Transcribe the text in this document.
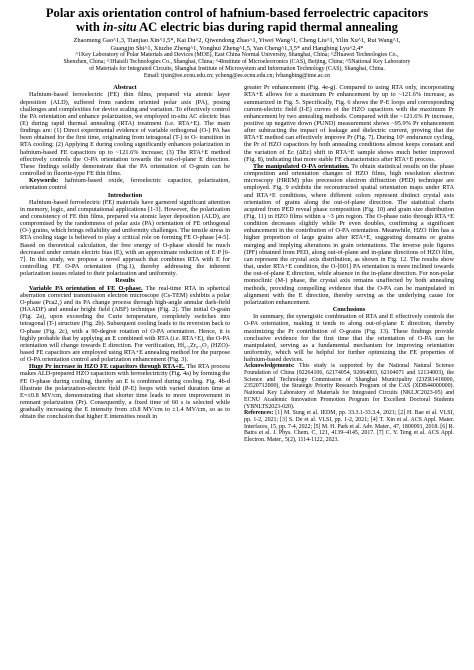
Polar axis orientation control of hafnium-based ferroelectric capacitors
with in-situ AC electric bias during rapid thermal annealing

Zhaomeng Gao^1,3, Tianjiao Xin^1,5*, Kai Du^2, Qiwendong Zhao^1, Yiwei Wang^1, Cheng Liu^1, Yilin Xu^1, Rui Wang^1,
Guangjin Shi^1, Xiuzhe Zheng^1, Yonghui Zheng^1,5, Yan Cheng^1,3,5* and Hangbing Lyu^2,4*

^1Key Laboratory of Polar Materials and Devices (MOE), East China Normal University, Shanghai, China; ^2Huawei Technologies Co.,
Shenzhen, China; ^3Haisili Technologies Co., Shanghai, China; ^4Institute of Microelectronics (CAS), Beijing, China; ^5National Key Laboratory
of Materials for Integrated Circuits, Shanghai Institute of Microsystem and Information Technology (CAS), Shanghai, China.

Email: tjxin@ee.ecnu.edu.cn; ycheng@ee.ecnu.edu.cn; lvhangbing@ime.ac.cn

Abstract

Hafnium-based ferroelectric (FE) thin films, prepared via atomic layer deposition (ALD), suffered from random oriented polar axis (PA), posing challenges and complexities for device scaling and variation. To effectively control the PA orientation and enhance polarization, we employed in-situ AC electric bias (E) during rapid thermal annealing (RTA) treatment (i.e. RTA+E). The main findings are: (1) Direct experimental evidence of variable orthogonal (O-) PA has been obtained for the first time, originating from tetragonal (T-) to O- transition in RTA cooling; (2) Applying E during cooling significantly enhances polarization in hafnium-based FE capacitors up to ~121.6% increase; (3) The RTA+E method effectively controls the O-PA orientation towards the out-of-plane E direction. These findings solidly demonstrate that the PA orientation of O-grain can be controlled in fluorite-type FE thin films.

Keywords: hafnium-based oxide, ferroelectric capacitor, polarization, orientation control

Introduction

Hafnium-based ferroelectric (FE) materials have garnered significant attention in memory, logic, and computational applications [1-3]. However, the polarization and consistency of FE thin films, prepared via atomic layer deposition (ALD), are compromised by the randomness of polar axis (PA) orientation of FE orthogonal (O-) grains, which brings reliability and uniformity challenges. The tensile stress in RTA cooling stage is believed to play a critical role on forming FE O-phase [4-5]. Based on theoretical calculation, the free energy of O-phase should be much decreased under certain electric bias (E), with an approximate reduction of E·P [6-7]. In this study, we propose a novel approach that combines RTA with E for controlling FE O-PA orientation (Fig.1), thereby addressing the inherent polarization issues related to their polarization and uniformity.

Results

Variable PA orientation of FE O-phase. The real-time RTA in spherical aberration corrected transmission electron microscope (Cs-TEM) exhibits a polar O-phase (Pca2₁) and its PA change process through high-angle annular dark-field (HAADF) and annular bright field (ABF) technique (Fig. 2). The initial O-grain (Fig. 2a), upon exceeding the Curie temperature, completely switches into tetragonal (T-) structure (Fig. 2b). Subsequent cooling leads to its reversion back to O-phase (Fig. 2c), with a 90-degree rotation of O-PA orientation. Hence, it is highly probable that by applying an E combined with RTA (i.e. RTA+E), the O-PA orientation will change towards E direction. For verification, Hf₀.₅Zr₀.₅O₂ (HZO)-based FE capacitors are employed using RTA+E annealing method for the purpose of O-PA orientation control and polarization enhancement (Fig. 3).

Huge Pr increase in HZO FE capacitors through RTA+E. The RTA process makes ALD-prepared HZO capacitors with ferroelectricity (Fig. 4a) by forming the FE O-phase during cooling, thereby an E is combined during cooling. Fig. 4b-d illustrate the polarization-electric field (P-E) loops with varied duration time at E=±0.8 MV/cm, demonstrating that shorter time leads to more improvement in remnant polarization (Pr). Consequently, a fixed time of 60 s is selected while gradually increasing the E intensity from ±0.8 MV/cm to ±1.4 MV/cm, so as to obtain the conclusion that higher E intensities result in

greater Pr enhancement (Fig. 4e-g). Compared to using RTA only, incorporating RTA+E allows for a maximum Pr enhancement by up to ~121.6% increase, as summarized in Fig. 5. Specifically, Fig. 6 shows the P-E loops and corresponding current-electric field (I-E) curves of the HZO capacitors with the maximum Pr enhancement by two annealing methods. Compared with the ~121.6% Pr increase, positive up negative down (PUND) measurement shows ~95.9% Pr enhancement after subtracting the impact of leakage and dielectric current, proving that the RTA+E method can effectively improve Pr (Fig. 7). During 10⁶ endurance cycling, the Pr of HZO capacitors by both annealing conditions almost keeps constant and the variation of Ec (ΔEc) shift in RTA+E sample shows much better improved (Fig. 8), indicating that more stable FE characteristics after RTA+E process.

The manipulated O-PA orientation. To obtain statistical results on the phase composition and orientation changes of HZO films, high resolution electron microscopy (HREM) plus precession electron diffraction (PED) technique are employed. Fig. 9 exhibits the reconstructed spatial orientation maps under RTA and RTA+E conditions, where different colors represent distinct crystal axis orientation of grains along the out-of-plane direction. The statistical charts acquired from PED reveal phase composition (Fig. 10) and grain size distribution (Fig. 11) in HZO films within a ~3 μm region. The O-phase ratio through RTA+E condition decreases slightly while Pr even doubles, confirming a significant enhancement in the contribution of O-PA orientation. Meanwhile, HZO film has a higher proportion of large grains after RTA+E, suggesting domains or grains merging and implying alterations in grain orientations. The inverse pole figures (IPF) obtained from PED, along out-of-plane and in-plane directions of HZO film, can represent the crystal axis distribution, as shown in Fig. 12. The results show that, under RTA+E condition, the O-[001] PA orientation is more inclined towards the out-of-plane E direction, while absence in the in-plane direction. For non-polar monoclinic (M-) phase, the crystal axis remains unaffected by both annealing methods, providing compelling evidence that the O-PA can be manipulated in alignment with the E direction, thereby serving as the underlying cause for polarization enhancement.

Conclusions

In summary, the synergistic combination of RTA and E effectively controls the O-PA orientation, making it tends to along out-of-plane E direction, thereby maximizing the Pr contribution of O-grains (Fig. 13). These findings provide conclusive evidence for the first time that the orientation of O-PA can be manipulated, serving as a fundamental mechanism for improving orientation uniformity, which will be helpful for further optimizing the FE properties of hafnium-based devices.

Acknowledgements: This study is supported by the National Natural Science Foundation of China (92264106, 62174054, 92064003, 62104071 and 12134003), the Science and Technology Commission of Shanghai Municipality (23ZR1418000, 23520712000), the Strategic Priority Research Program of the CAS (XDB44000000). National Key Laboratory of Materials for Integrated Circuits (NKLJC2023-05) and ECNU Academic Innovation Promotion Program for Excellent Doctoral Students (YBNLTS2023-020).

References: [1] M. Sung et al. IEDM, pp. 33.3.1-33.3.4, 2021; [2] H. Bae et al. VLSI, pp. 1-2, 2021; [3] S. De et al. VLSI, pp. 1-2, 2021; [4] T. Xin et al. ACS Appl. Mater. Interfaces, 15, pp. 7-4, 2022; [5] M. H. Park et al. Adv. Mater., 47, 1800091, 2018. [6] R. Batra et al. J. Phys. Chem. C, 121, 4139–4145, 2017. [7] C. Y. Teng et al. ACS Appl. Electron. Mater., 5(2), 1114-1122, 2023.
